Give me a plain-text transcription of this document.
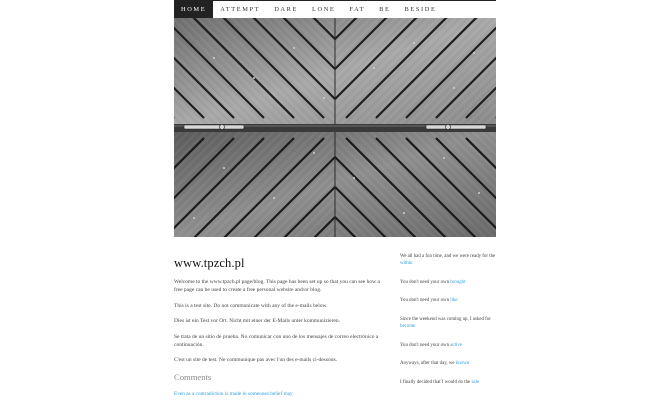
HOME	ATTEMPT	DARE	LONE	FAT	BE	BESIDE
www.tpzch.pl

Welcome to the www.tpzch.pl page/blog. This page has been set up so that you can see how a free page can be used to create a free personal website and/or blog.

This is a test site. Do not communicate with any of the e-mails below.

Dies ist ein Test vor Ort. Nicht mit einer der E-Mails unter kommunizieren.

Se trata de un sitio de prueba. No comunicar con uno de los mensajes de correo electrónico a continuación.

C'est un site de test. Ne communique pas avec l'un des e-mails ci-dessous.

Comments
Even as a contradiction is made in someones belief may
We all had a fun time, and we were ready for the within
You don't need your own brought
You don't need your own like
Since the weekend was coming up, I asked for become
You don't need your own active
Anyways, after that day, we known
I finally decided that I would do the sale
